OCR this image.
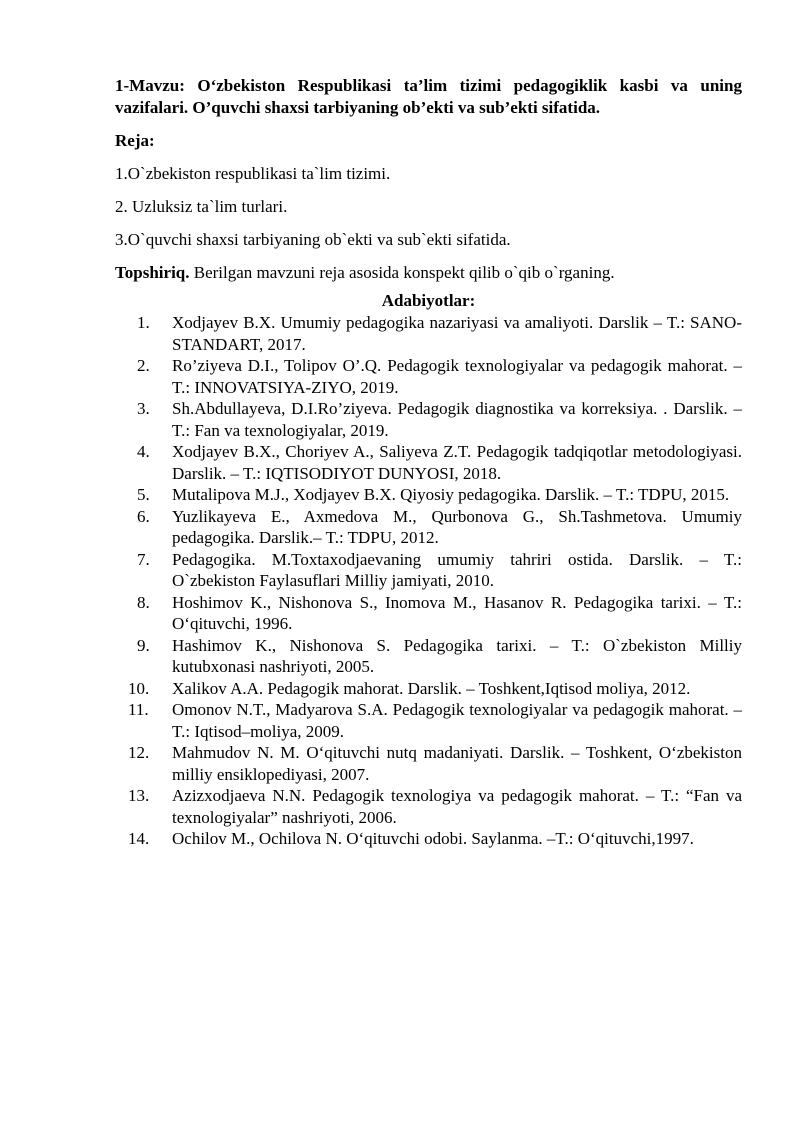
1-Mavzu: O‘zbekiston Respublikasi ta’lim tizimi pedagogiklik kasbi va uning vazifalari. O’quvchi shaxsi tarbiyaning ob’ekti va sub’ekti sifatida.

Reja:
1.O`zbekiston respublikasi ta`lim tizimi.
2. Uzluksiz ta`lim turlari.
3.O`quvchi shaxsi tarbiyaning ob`ekti va sub`ekti sifatida.
Topshiriq. Berilgan mavzuni reja asosida konspekt qilib o`qib o`rganing.
Adabiyotlar:
1.	Xodjayev B.X. Umumiy pedagogika nazariyasi va amaliyoti. Darslik – T.: SANO-STANDART, 2017.
2.	Ro’ziyeva D.I., Tolipov O’.Q. Pedagogik texnologiyalar va pedagogik mahorat. –T.: INNOVATSIYA-ZIYO, 2019.
3.	Sh.Abdullayeva, D.I.Ro’ziyeva. Pedagogik diagnostika va korreksiya. . Darslik. – T.: Fan va texnologiyalar, 2019.
4.	Xodjayev B.X., Choriyev A., Saliyeva Z.T. Pedagogik tadqiqotlar metodologiyasi. Darslik. – T.: IQTISODIYOT DUNYOSI, 2018.
5.	Mutalipova M.J., Xodjayev B.X. Qiyosiy pedagogika. Darslik. – T.: TDPU, 2015.
6.	Yuzlikayeva E., Axmedova M., Qurbonova G., Sh.Tashmetova. Umumiy pedagogika. Darslik.– T.: TDPU, 2012.
7.	Pedagogika. M.Toxtaxodjaevaning umumiy tahriri ostida. Darslik. – T.: O`zbekiston Faylasuflari Milliy jamiyati, 2010.
8.	Hoshimov K., Nishonova S., Inomova M., Hasanov R. Pedagogika tarixi. – T.: O‘qituvchi, 1996.
9.	Hashimov K., Nishonova S. Pedagogika tarixi. – T.: O`zbekiston Milliy kutubxonasi nashriyoti, 2005.
10.	Xalikov A.A. Pedagogik mahorat. Darslik. – Toshkent,Iqtisod moliya, 2012.
11.	Omonov N.T., Madyarova S.A. Pedagogik texnologiyalar va pedagogik mahorat. – T.: Iqtisod–moliya, 2009.
12.	Mahmudov N. M. O‘qituvchi nutq madaniyati. Darslik. – Toshkent, O‘zbekiston milliy ensiklopediyasi, 2007.
13.	Azizxodjaeva N.N. Pedagogik texnologiya va pedagogik mahorat. – T.: “Fan va texnologiyalar” nashriyoti, 2006.
14.	Ochilov M., Ochilova N. O‘qituvchi odobi. Saylanma. –T.: O‘qituvchi,1997.
